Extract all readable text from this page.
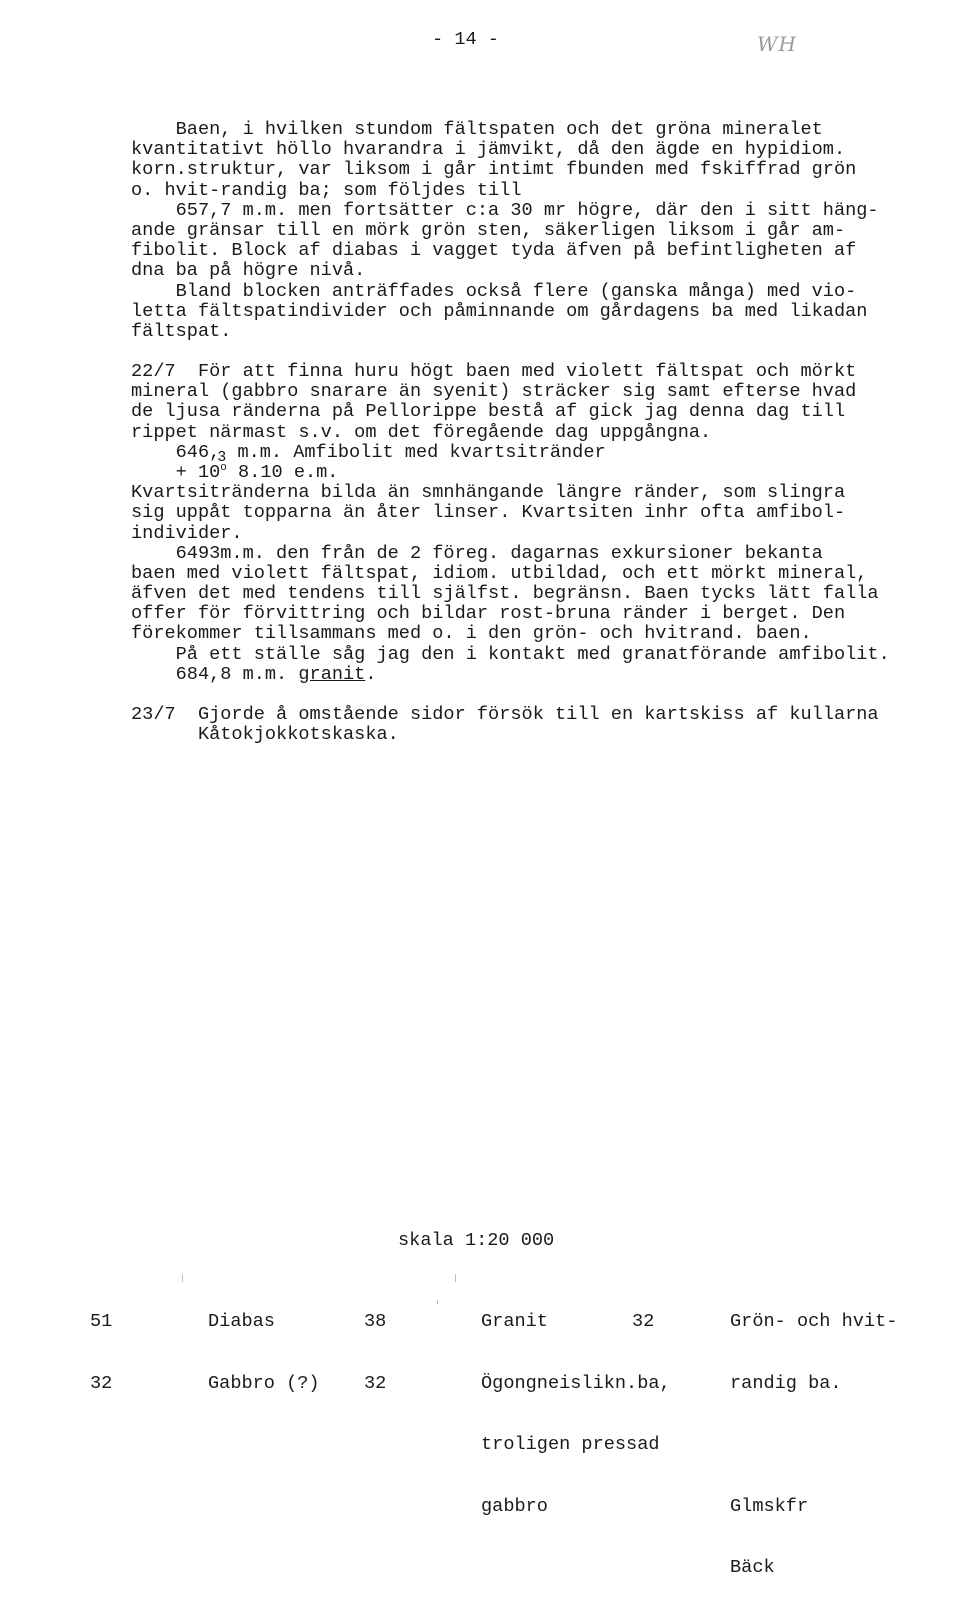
- 14 -	WH
Baen, i hvilken stundom fältspaten och det gröna mineralet
kvantitativt höllo hvarandra i jämvikt, då den ägde en hypidiom.
korn.struktur, var liksom i går intimt fbunden med fskiffrad grön
o. hvit-randig ba; som följdes till
657,7 m.m. men fortsätter c:a 30 mr högre, där den i sitt häng-
ande gränsar till en mörk grön sten, säkerligen liksom i går am-
fibolit. Block af diabas i vagget tyda äfven på befintligheten af
dna ba på högre nivå.
Bland blocken anträffades också flere (ganska många) med vio-
letta fältspatindivider och påminnande om gårdagens ba med likadan
fältspat.
22/7  För att finna huru högt baen med violett fältspat och mörkt
mineral (gabbro snarare än syenit) sträcker sig samt efterse hvad
de ljusa ränderna på Pellorippe bestå af gick jag denna dag till
rippet närmast s.v. om det föregående dag uppgångna.
$646,_3$ m.m. Amfibolit med kvartsitränder
+ $10^o$ 8.10 e.m.
Kvartsitränderna bilda än smnhängande längre ränder, som slingra
sig uppåt topparna än åter linser. Kvartsiten inhr ofta amfibol-
individer.
6493m.m. den från de 2 föreg. dagarnas exkursioner bekanta
baen med violett fältspat, idiom. utbildad, och ett mörkt mineral,
äfven det med tendens till själfst. begränsn. Baen tycks lätt falla
offer för förvittring och bildar rost-bruna ränder i berget. Den
förekommer tillsammans med o. i den grön- och hvitrand. baen.
På ett ställe såg jag den i kontakt med granatförande amfibolit.
684,8 m.m. granit.
23/7  Gjorde å omstående sidor försök till en kartskiss af kullarna
Kåtokjokkotskaska.
skala 1:20 000

51

32

Diabas

Gabbro (?)

38

32

Granit

Ögongneislikn.ba,

troligen pressad

gabbro

32

	Grön- och hvit-

randig ba.

Glmskfr

Bäck
